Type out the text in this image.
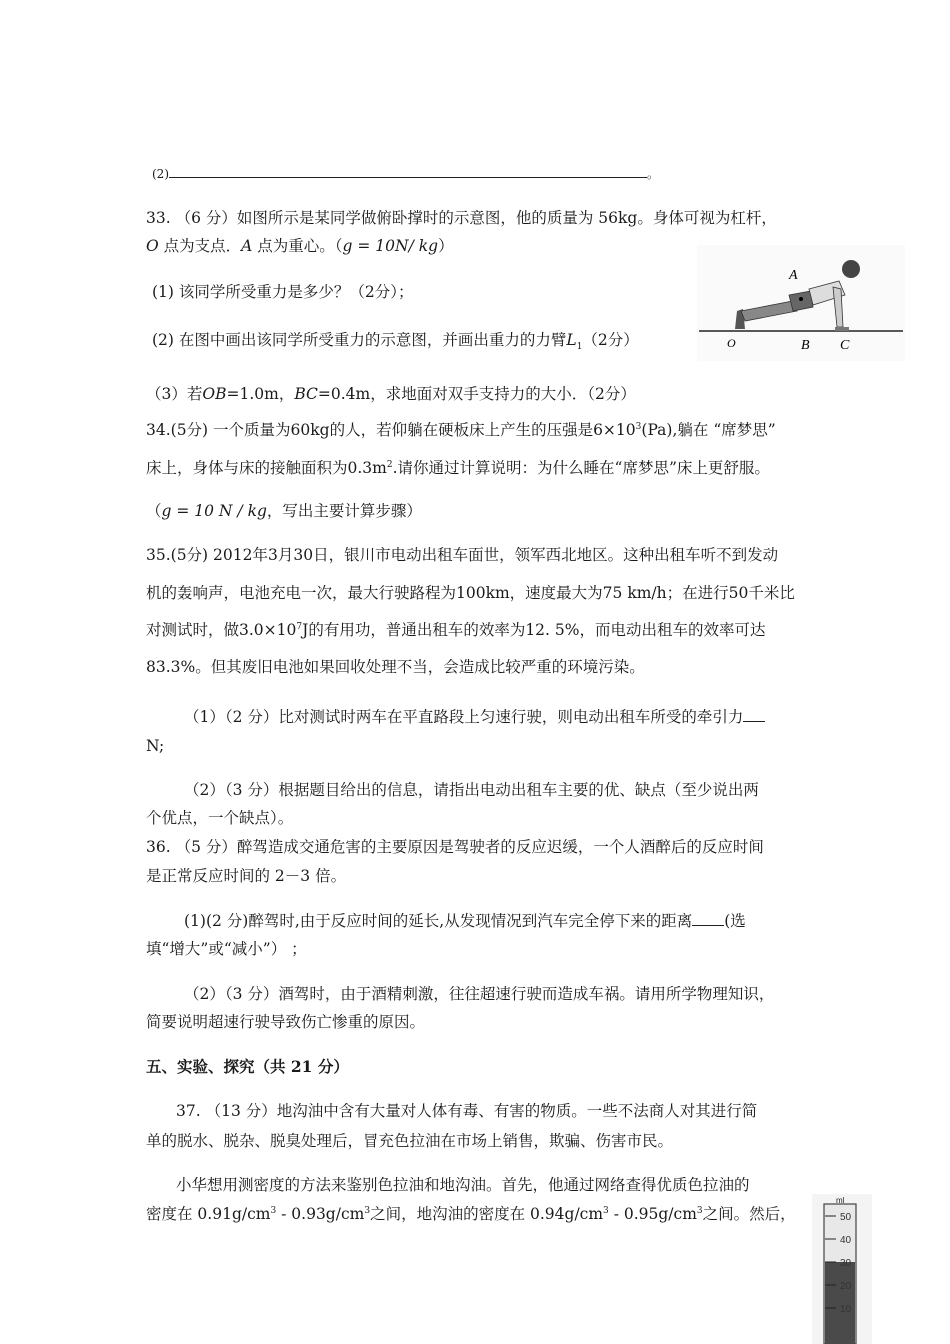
(2)	。
33. （6 分）如图所示是某同学做俯卧撑时的示意图，他的质量为 56kg。身体可视为杠杆，
O 点为支点．A 点为重心。（g = 10N/ kg）
(1) 该同学所受重力是多少？（2分）；
(2) 在图中画出该同学所受重力的示意图，并画出重力的力臂$L_1(2$分）
（3）若OB=1.0m，BC=0.4m，求地面对双手支持力的大小．（2分）
A
O	B C
34.(5分) 一个质量为60kg的人，若仰躺在硬板床上产生的压强是$6\times 10^3(Pa)$,躺在 “席梦思”
床上，身体与床的接触面积为$0.3m^2$.请你通过计算说明：为什么睡在“席梦思”床上更舒服。
（g = 10 N / kg，写出主要计算步骤）
35.(5分) 2012年3月30日，银川市电动出租车面世，领军西北地区。这种出租车听不到发动
机的轰响声，电池充电一次，最大行驶路程为100km，速度最大为75 km/h；在进行50千米比
对测试时，做$3.0\times 10^7J$的有用功，普通出租车的效率为12. 5%，而电动出租车的效率可达
83.3%。但其废旧电池如果回收处理不当，会造成比较严重的环境污染。
（1）（2 分）比对测试时两车在平直路段上匀速行驶，则电动出租车所受的牵引力
N;
（2）（3 分）根据题目给出的信息，请指出电动出租车主要的优、缺点（至少说出两
个优点，一个缺点）。
36. （5 分）醉驾造成交通危害的主要原因是驾驶者的反应迟缓，一个人酒醉后的反应时间
是正常反应时间的 2－3 倍。
(1)(2 分)醉驾时,由于反应时间的延长,从发现情况到汽车完全停下来的距离 (选
填“增大”或“减小”） ；
（2）（3 分）酒驾时，由于酒精刺激，往往超速行驶而造成车祸。请用所学物理知识，
简要说明超速行驶导致伤亡惨重的原因。
五、实验、探究（共 21 分）
37. （13 分）地沟油中含有大量对人体有毒、有害的物质。一些不法商人对其进行简
单的脱水、脱杂、脱臭处理后，冒充色拉油在市场上销售，欺骗、伤害市民。
小华想用测密度的方法来鉴别色拉油和地沟油。首先，他通过网络查得优质色拉油的
密度在 $0.91g/cm^3 - 0.93g/cm^3$之间，地沟油的密度在 $0.94g/cm^3 - 0.95g/cm^3$之间。然后，
ml
50
40
30
20
10
